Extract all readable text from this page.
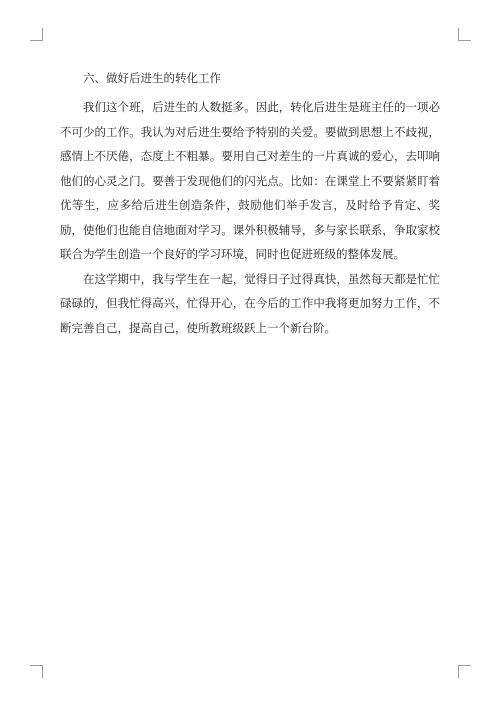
六、做好后进生的转化工作

我们这个班，后进生的人数挺多。因此，转化后进生是班主任的一项必不可少的工作。我认为对后进生要给予特别的关爱。要做到思想上不歧视，感情上不厌倦，态度上不粗暴。要用自己对差生的一片真诚的爱心，去叩响他们的心灵之门。要善于发现他们的闪光点。比如：在课堂上不要紧紧盯着优等生，应多给后进生创造条件，鼓励他们举手发言，及时给予肯定、奖励，使他们也能自信地面对学习。课外积极辅导，多与家长联系，争取家校联合为学生创造一个良好的学习环境，同时也促进班级的整体发展。

在这学期中，我与学生在一起，觉得日子过得真快，虽然每天都是忙忙碌碌的，但我忙得高兴，忙得开心，在今后的工作中我将更加努力工作，不断完善自己，提高自己，使所教班级跃上一个新台阶。
